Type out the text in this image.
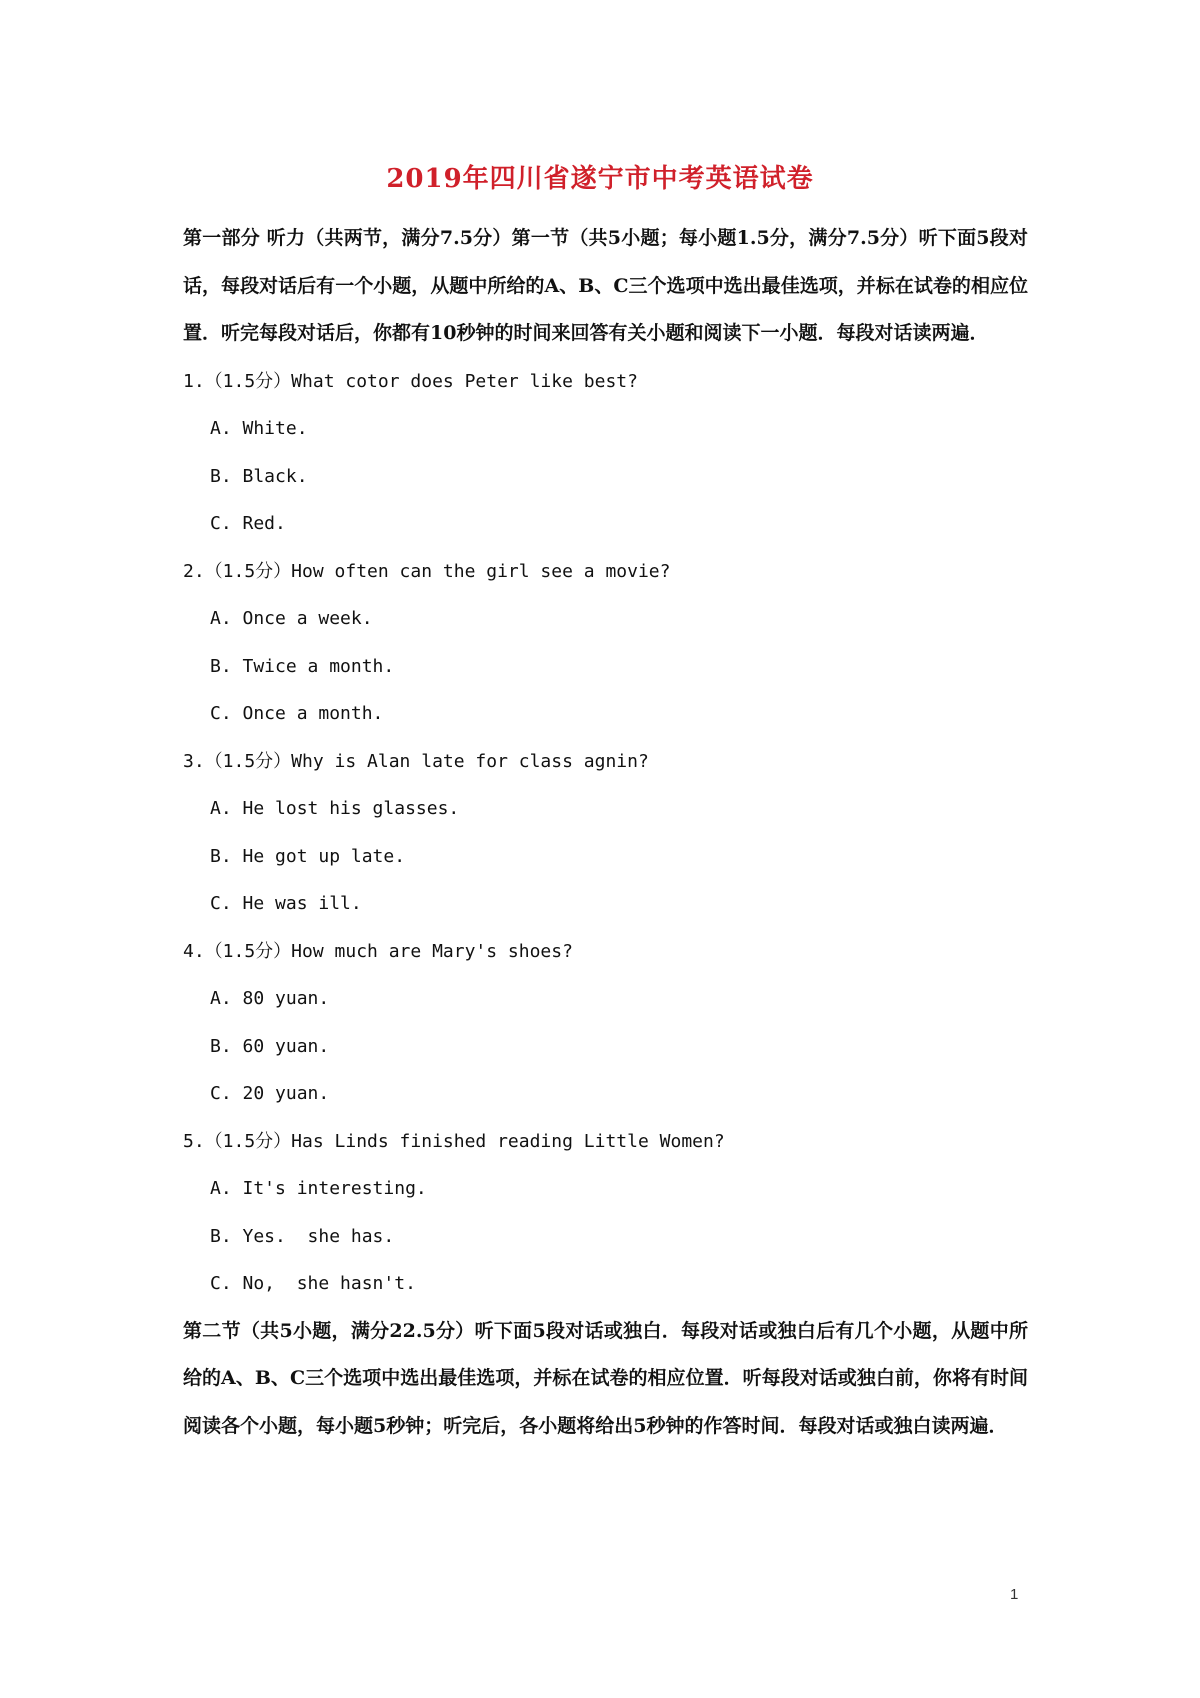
2019年四川省遂宁市中考英语试卷

第一部分 听力（共两节，满分7.5分）第一节（共5小题；每小题1.5分，满分7.5分）听下面5段对话，每段对话后有一个小题，从题中所给的A、B、C三个选项中选出最佳选项，并标在试卷的相应位置．听完每段对话后，你都有10秒钟的时间来回答有关小题和阅读下一小题．每段对话读两遍．

1.（1.5分）What cotor does Peter like best?
A. White.
B. Black.
C. Red.
2.（1.5分）How often can the girl see a movie?
A. Once a week.
B. Twice a month.
C. Once a month.
3.（1.5分）Why is Alan late for class agnin?
A. He lost his glasses.
B. He got up late.
C. He was ill.
4.（1.5分）How much are Mary's shoes?
A. 80 yuan.
B. 60 yuan.
C. 20 yuan.
5.（1.5分）Has Linds finished reading Little Women?
A. It's interesting.
B. Yes.  she has.
C. No,  she hasn't.

第二节（共5小题，满分22.5分）听下面5段对话或独白．每段对话或独白后有几个小题，从题中所给的A、B、C三个选项中选出最佳选项，并标在试卷的相应位置．听每段对话或独白前，你将有时间阅读各个小题，每小题5秒钟；听完后，各小题将给出5秒钟的作答时间．每段对话或独白读两遍．

1
